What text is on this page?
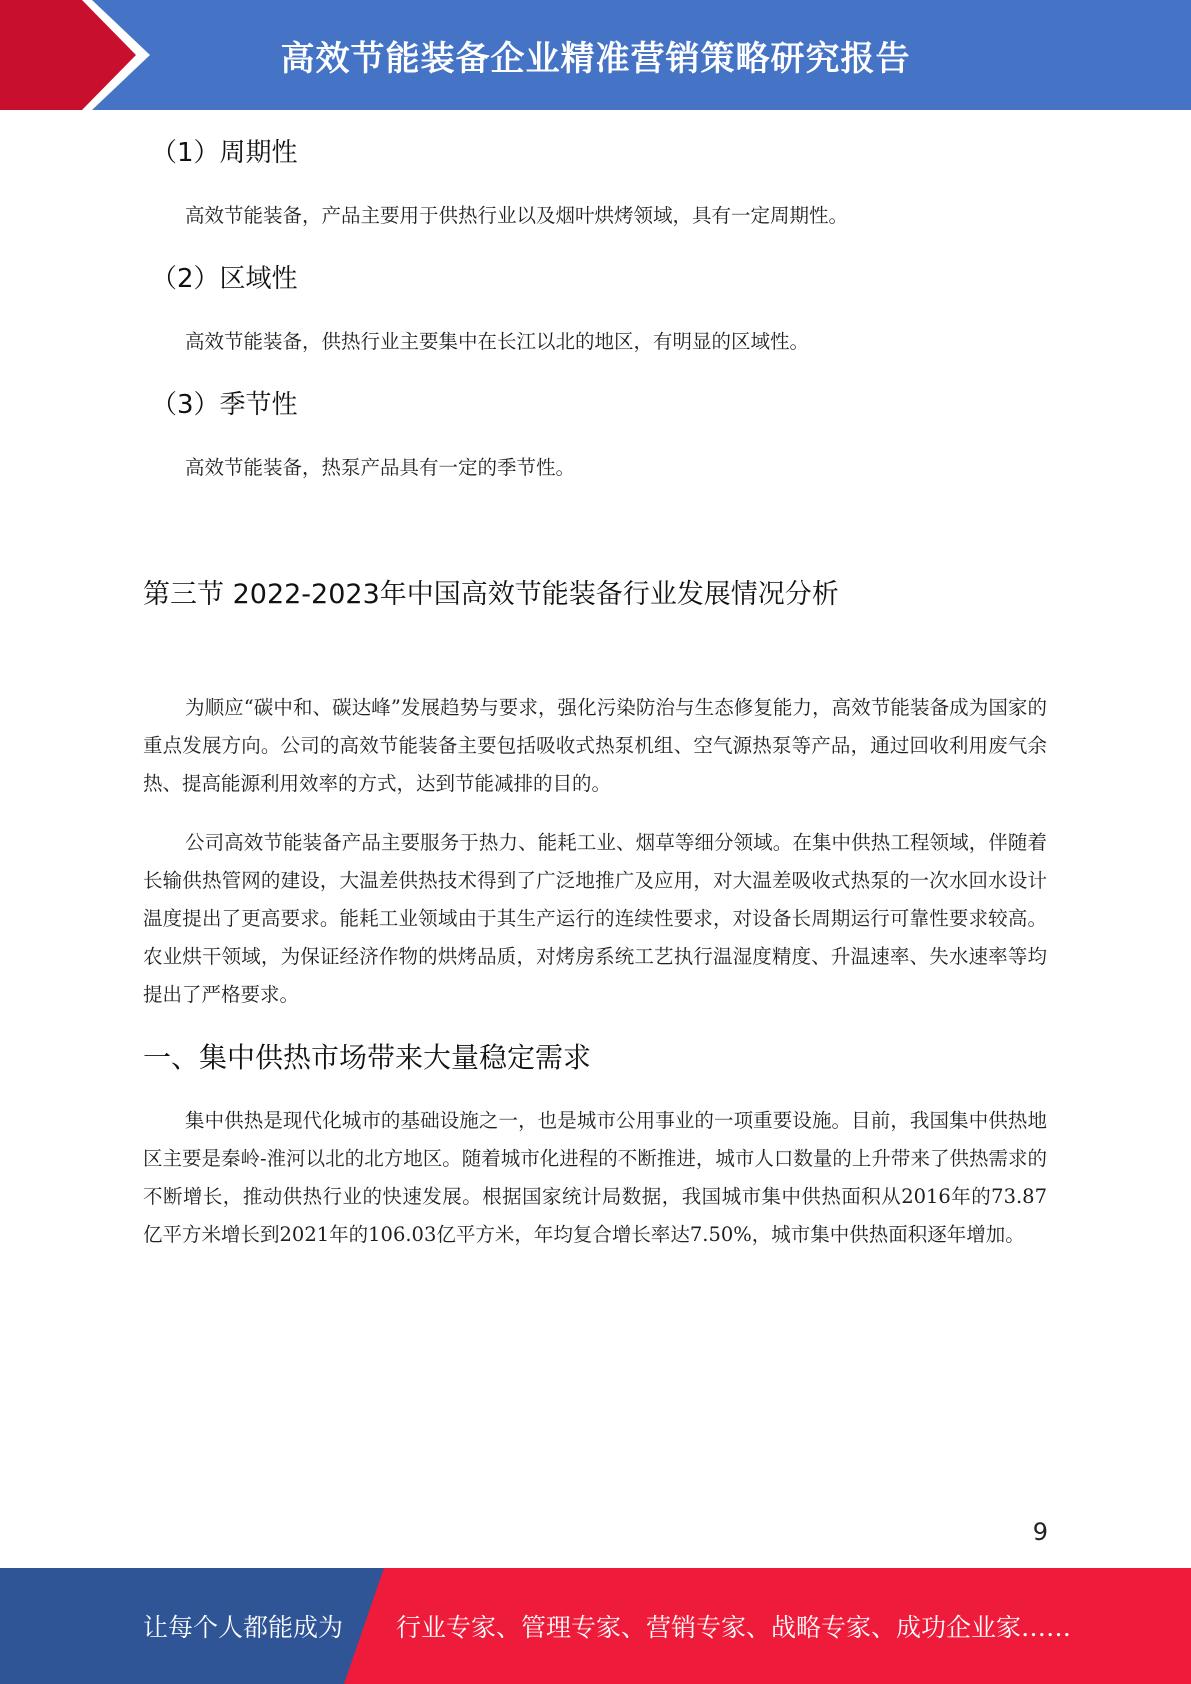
高效节能装备企业精准营销策略研究报告
（1）周期性
高效节能装备，产品主要用于供热行业以及烟叶烘烤领域，具有一定周期性。
（2）区域性
高效节能装备，供热行业主要集中在长江以北的地区，有明显的区域性。
（3）季节性
高效节能装备，热泵产品具有一定的季节性。
第三节 2022-2023年中国高效节能装备行业发展情况分析
为顺应“碳中和、碳达峰”发展趋势与要求，强化污染防治与生态修复能力，高效节能装备成为国家的重点发展方向。公司的高效节能装备主要包括吸收式热泵机组、空气源热泵等产品，通过回收利用废气余热、提高能源利用效率的方式，达到节能减排的目的。
公司高效节能装备产品主要服务于热力、能耗工业、烟草等细分领域。在集中供热工程领域，伴随着长输供热管网的建设，大温差供热技术得到了广泛地推广及应用，对大温差吸收式热泵的一次水回水设计温度提出了更高要求。能耗工业领域由于其生产运行的连续性要求，对设备长周期运行可靠性要求较高。农业烘干领域，为保证经济作物的烘烤品质，对烤房系统工艺执行温湿度精度、升温速率、失水速率等均提出了严格要求。
一、集中供热市场带来大量稳定需求
集中供热是现代化城市的基础设施之一，也是城市公用事业的一项重要设施。目前，我国集中供热地区主要是秦岭-淮河以北的北方地区。随着城市化进程的不断推进，城市人口数量的上升带来了供热需求的不断增长，推动供热行业的快速发展。根据国家统计局数据，我国城市集中供热面积从2016年的73.87亿平方米增长到2021年的106.03亿平方米，年均复合增长率达7.50%，城市集中供热面积逐年增加。
9
让每个人都能成为 行业专家、管理专家、营销专家、战略专家、成功企业家……
